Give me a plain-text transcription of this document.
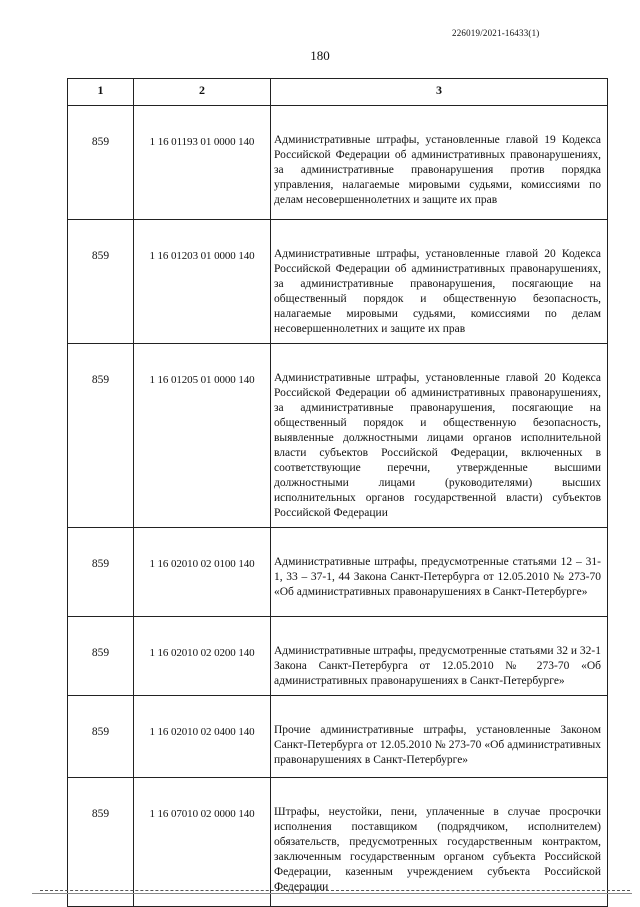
226019/2021-16433(1)
180
1	2	3
859	1 16 01193 01 0000 140	Административные штрафы, установленные главой 19 Кодекса Российской Федерации об административных правонарушениях, за административные правонарушения против порядка управления, налагаемые мировыми судьями, комиссиями по делам несовершеннолетних и защите их прав
859	1 16 01203 01 0000 140	Административные штрафы, установленные главой 20 Кодекса Российской Федерации об административных правонарушениях, за административные правонарушения, посягающие на общественный порядок и общественную безопасность, налагаемые мировыми судьями, комиссиями по делам несовершеннолетних и защите их прав
859	1 16 01205 01 0000 140	Административные штрафы, установленные главой 20 Кодекса Российской Федерации об административных правонарушениях, за административные правонарушения, посягающие на общественный порядок и общественную безопасность, выявленные должностными лицами органов исполнительной власти субъектов Российской Федерации, включенных в соответствующие перечни, утвержденные высшими должностными лицами (руководителями) высших исполнительных органов государственной власти) субъектов Российской Федерации
859	1 16 02010 02 0100 140	Административные штрафы, предусмотренные статьями 12 – 31-1, 33 – 37-1, 44 Закона Санкт-Петербурга от 12.05.2010 № 273-70 «Об административных правонарушениях в Санкт-Петербурге»
859	1 16 02010 02 0200 140	Административные штрафы, предусмотренные статьями 32 и 32-1 Закона Санкт-Петербурга от 12.05.2010 № 273-70 «Об административных правонарушениях в Санкт-Петербурге»
859	1 16 02010 02 0400 140	Прочие административные штрафы, установленные Законом Санкт-Петербурга от 12.05.2010 № 273-70 «Об административных правонарушениях в Санкт-Петербурге»
859	1 16 07010 02 0000 140	Штрафы, неустойки, пени, уплаченные в случае просрочки исполнения поставщиком (подрядчиком, исполнителем) обязательств, предусмотренных государственным контрактом, заключенным государственным органом субъекта Российской Федерации, казенным учреждением субъекта Российской Федерации
